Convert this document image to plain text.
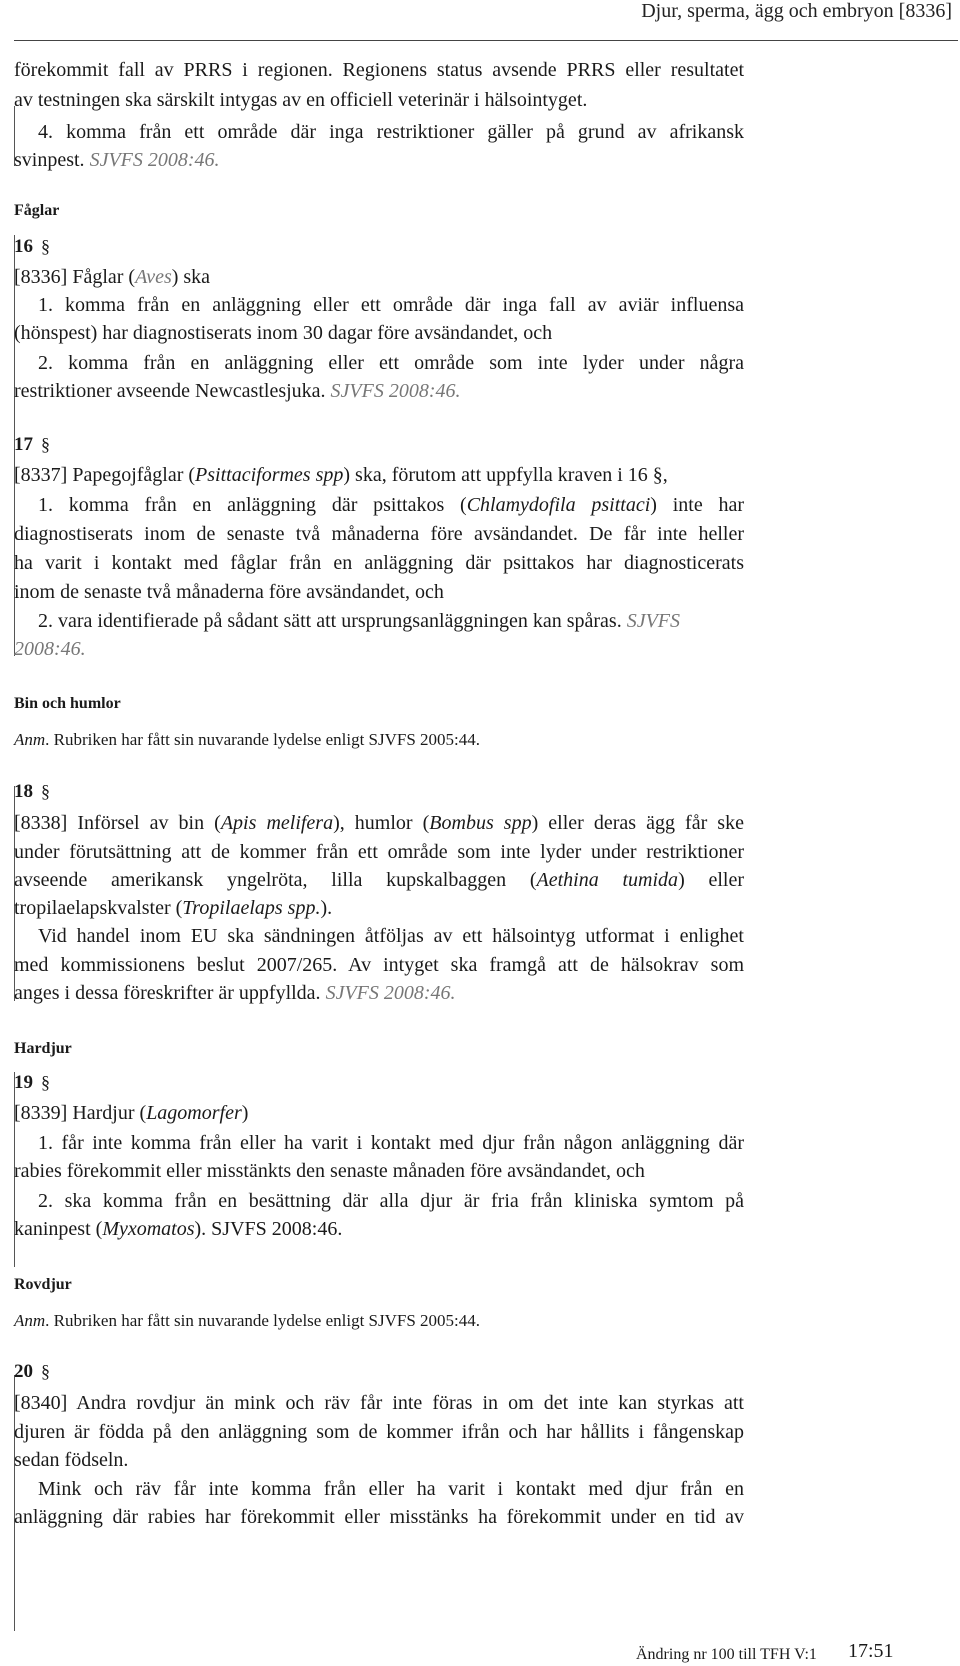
Djur, sperma, ägg och embryon [8336]
förekommit fall av PRRS i regionen. Regionens status avsende PRRS eller resultatet
av testningen ska särskilt intygas av en officiell veterinär i hälsointyget.
4. komma från ett område där inga restriktioner gäller på grund av afrikansk
svinpest. SJVFS 2008:46.
Fåglar
16 §
[8336] Fåglar (Aves) ska
1. komma från en anläggning eller ett område där inga fall av aviär influensa
(hönspest) har diagnostiserats inom 30 dagar före avsändandet, och
2. komma från en anläggning eller ett område som inte lyder under några
restriktioner avseende Newcastlesjuka. SJVFS 2008:46.
17 §
[8337] Papegojfåglar (Psittaciformes spp) ska, förutom att uppfylla kraven i 16 §,
1. komma från en anläggning där psittakos (Chlamydofila psittaci) inte har
diagnostiserats inom de senaste två månaderna före avsändandet. De får inte heller
ha varit i kontakt med fåglar från en anläggning där psittakos har diagnosticerats
inom de senaste två månaderna före avsändandet, och
2. vara identifierade på sådant sätt att ursprungsanläggningen kan spåras. SJVFS
2008:46.
Bin och humlor
Anm. Rubriken har fått sin nuvarande lydelse enligt SJVFS 2005:44.
18 §
[8338] Införsel av bin (Apis melifera), humlor (Bombus spp) eller deras ägg får ske
under förutsättning att de kommer från ett område som inte lyder under restriktioner
avseende amerikansk yngelröta, lilla kupskalbaggen (Aethina tumida) eller
tropilaelapskvalster (Tropilaelaps spp.).
Vid handel inom EU ska sändningen åtföljas av ett hälsointyg utformat i enlighet
med kommissionens beslut 2007/265. Av intyget ska framgå att de hälsokrav som
anges i dessa föreskrifter är uppfyllda. SJVFS 2008:46.
Hardjur
19 §
[8339] Hardjur (Lagomorfer)
1. får inte komma från eller ha varit i kontakt med djur från någon anläggning där
rabies förekommit eller misstänkts den senaste månaden före avsändandet, och
2. ska komma från en besättning där alla djur är fria från kliniska symtom på
kaninpest (Myxomatos). SJVFS 2008:46.
Rovdjur
Anm. Rubriken har fått sin nuvarande lydelse enligt SJVFS 2005:44.
20 §
[8340] Andra rovdjur än mink och räv får inte föras in om det inte kan styrkas att
djuren är födda på den anläggning som de kommer ifrån och har hållits i fångenskap
sedan födseln.
Mink och räv får inte komma från eller ha varit i kontakt med djur från en
anläggning där rabies har förekommit eller misstänks ha förekommit under en tid av
Ändring nr 100 till TFH V:1 17:51
